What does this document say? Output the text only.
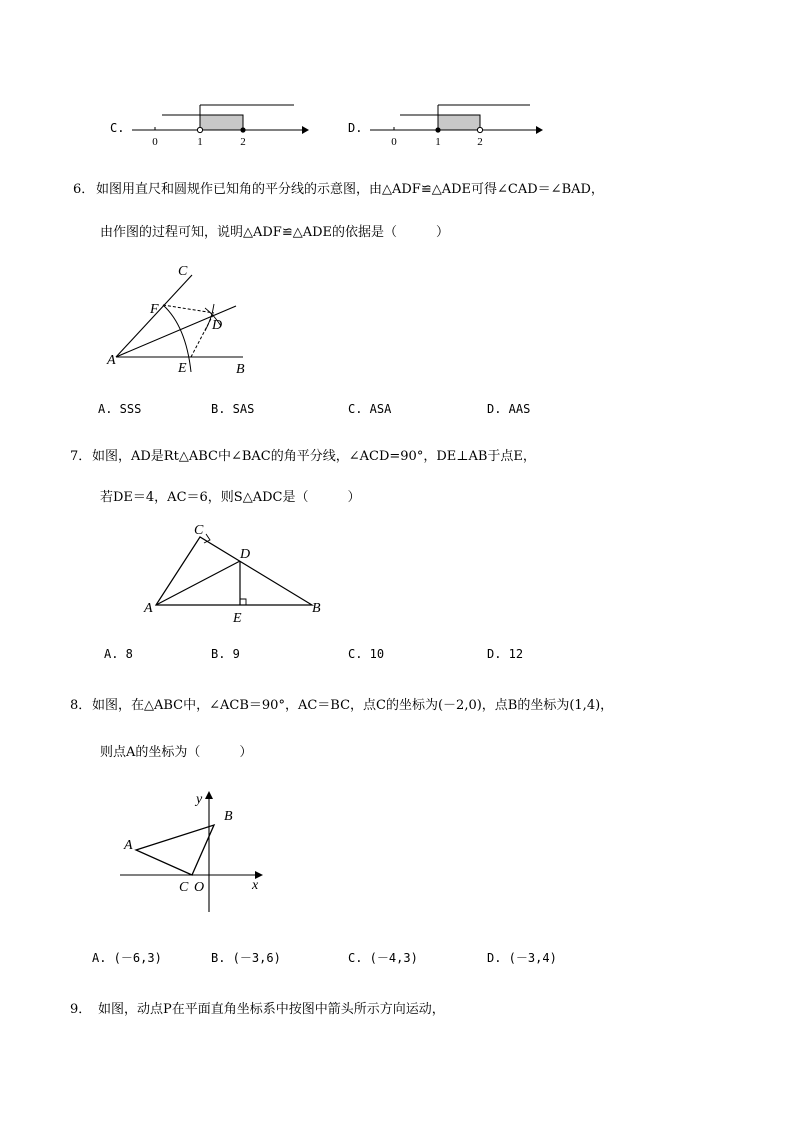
C.
0	1	2
D.
0	1	2
6． 如图用直尺和圆规作已知角的平分线的示意图，由△ADF≌△ADE可得∠CAD＝∠BAD，
由作图的过程可知，说明△ADF≌△ADE的依据是（　　　）
C
F
D
A
E	B
A. SSS	B. SAS	C. ASA	D. AAS
7． 如图，AD是Rt△ABC中∠BAC的角平分线，∠ACD=90°，DE⊥AB于点E，
若DE＝4，AC＝6，则S△ADC是（　　　）
C
D
A
E
B
A. 8	B. 9	C. 10	D. 12
8． 如图，在△ABC中，∠ACB＝90°，AC＝BC，点C的坐标为(－2,0)，点B的坐标为(1,4)，
则点A的坐标为（　　　）
y
B
A
C O	x
A. (－6,3)	B. (－3,6)	C. (－4,3)	D. (－3,4)
9． 如图，动点P在平面直角坐标系中按图中箭头所示方向运动，
